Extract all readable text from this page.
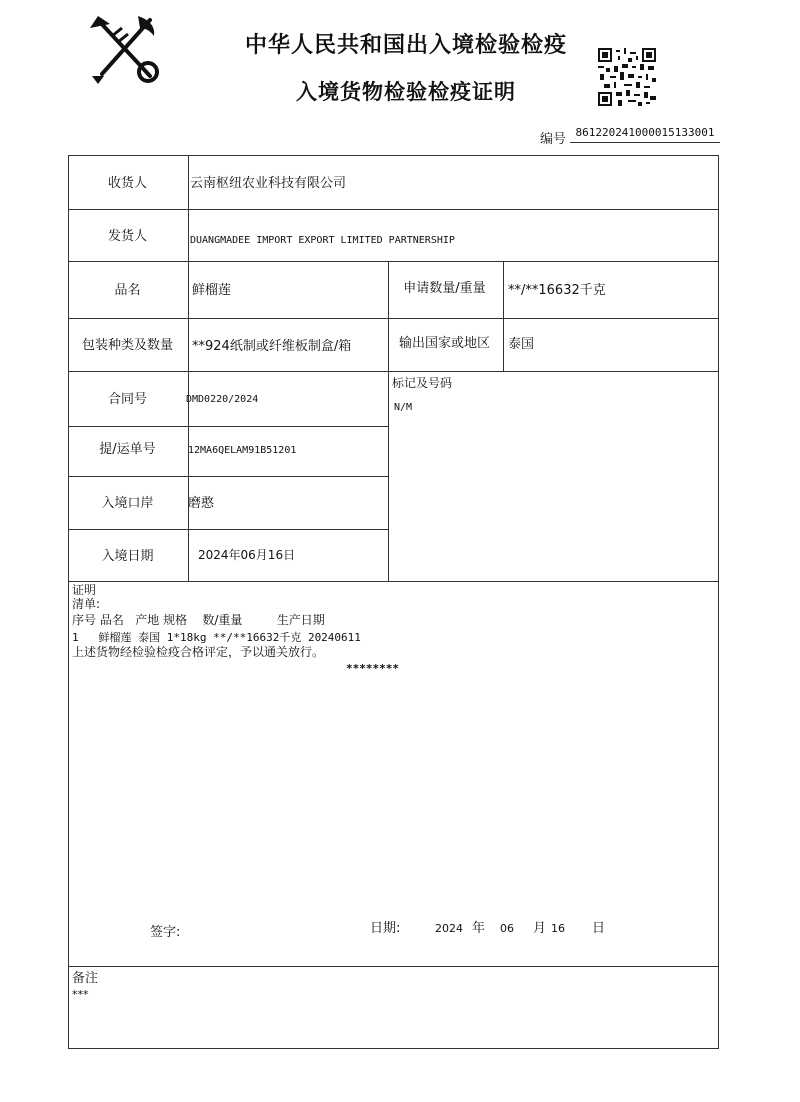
中华人民共和国出入境检验检疫
入境货物检验检疫证明
编号 861220241000015133001
收货人	云南枢纽农业科技有限公司
发货人	DUANGMADEE IMPORT EXPORT LIMITED PARTNERSHIP
品名	鲜榴莲	申请数量/重量	**/**16632千克
包装种类及数量	**924纸制或纤维板制盒/箱	输出国家或地区	泰国
合同号	DMD0220/2024
标记及号码
N/M
提/运单号	12MA6QELAM91B51201
入境口岸	磨憨
入境日期	2024年06月16日
证明
清单:
序号 品名   产地 规格    数/重量         生产日期
1   鲜榴莲 泰国 1*18kg **/**16632千克 20240611
上述货物经检验检疫合格评定，予以通关放行。
********
签字:	日期:	2024 年 06 月 16 日
备注
***
